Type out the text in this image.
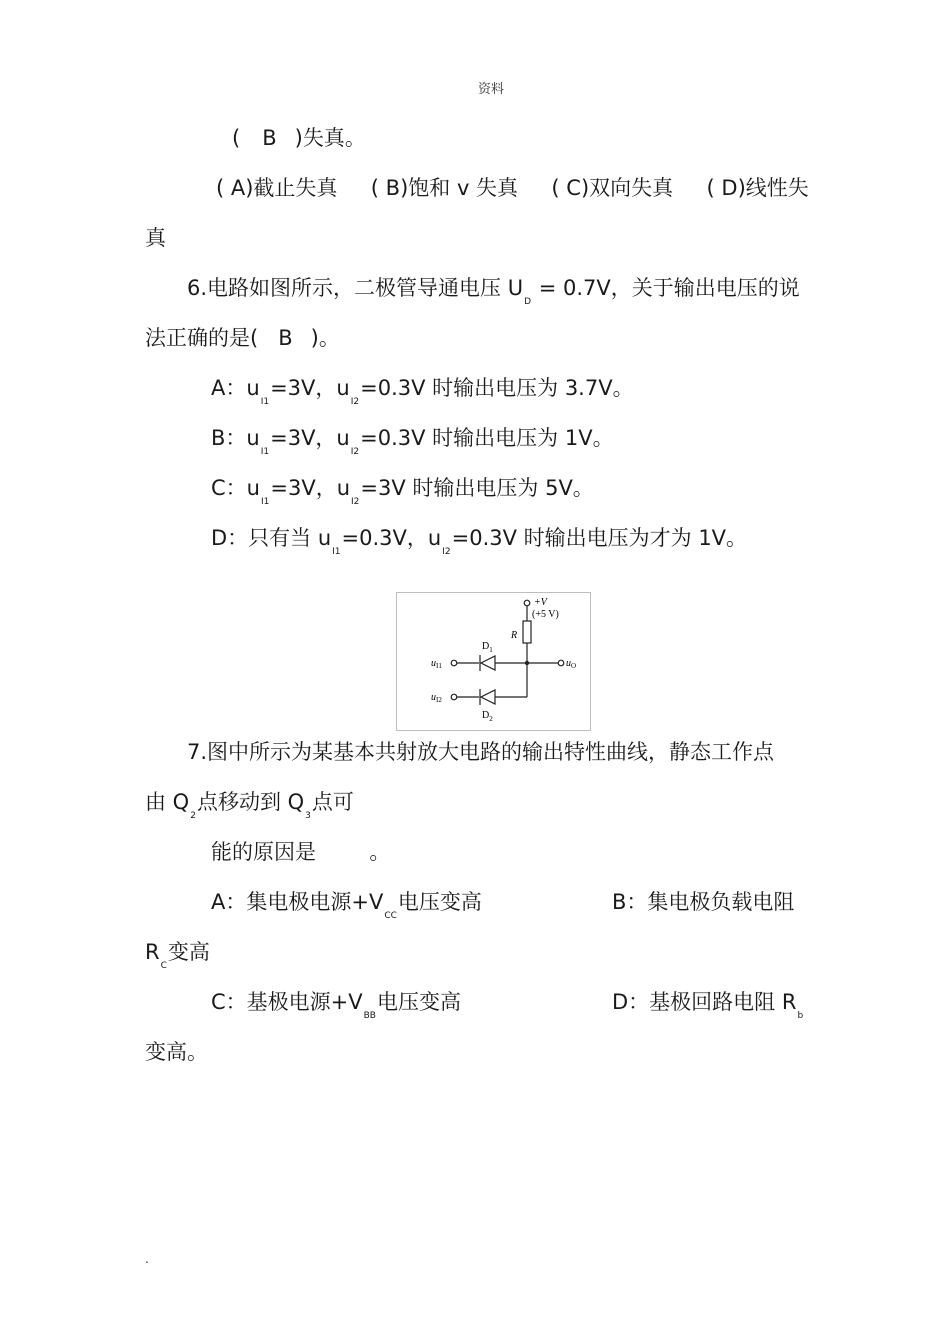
资料
( B )失真。
( A)截止失真     ( B)饱和 v 失真     ( C)双向失真     ( D)线性失
真
6.电路如图所示，二极管导通电压 $U_D = 0.7V$，关于输出电压的说
法正确的是( B )。
A：$u_{I1}=3V$，$u_{I2}=0.3V$ 时输出电压为 3.7V。
B：$u_{I1}=3V$，$u_{I2}=0.3V$ 时输出电压为 1V。
C：$u_{I1}=3V$，$u_{I2}=3V$ 时输出电压为 5V。
D：只有当 $u_{I1}=0.3V$，$u_{I2}=0.3V$ 时输出电压为才为 1V。
+V
(+5 V)
R
$D_1$
$D_2$
$u_{I1}$
$u_{I2}$
$u_O$
7.图中所示为某基本共射放大电路的输出特性曲线，静态工作点
由 $Q_2$点移动到 $Q_3$点可
能的原因是        。
A：集电极电源$+V_{CC}$电压变高	B：集电极负载电阻
$R_C$变高
C：基极电源$+V_{BB}$电压变高	D：基极回路电阻 $R_b$
变高。
.
